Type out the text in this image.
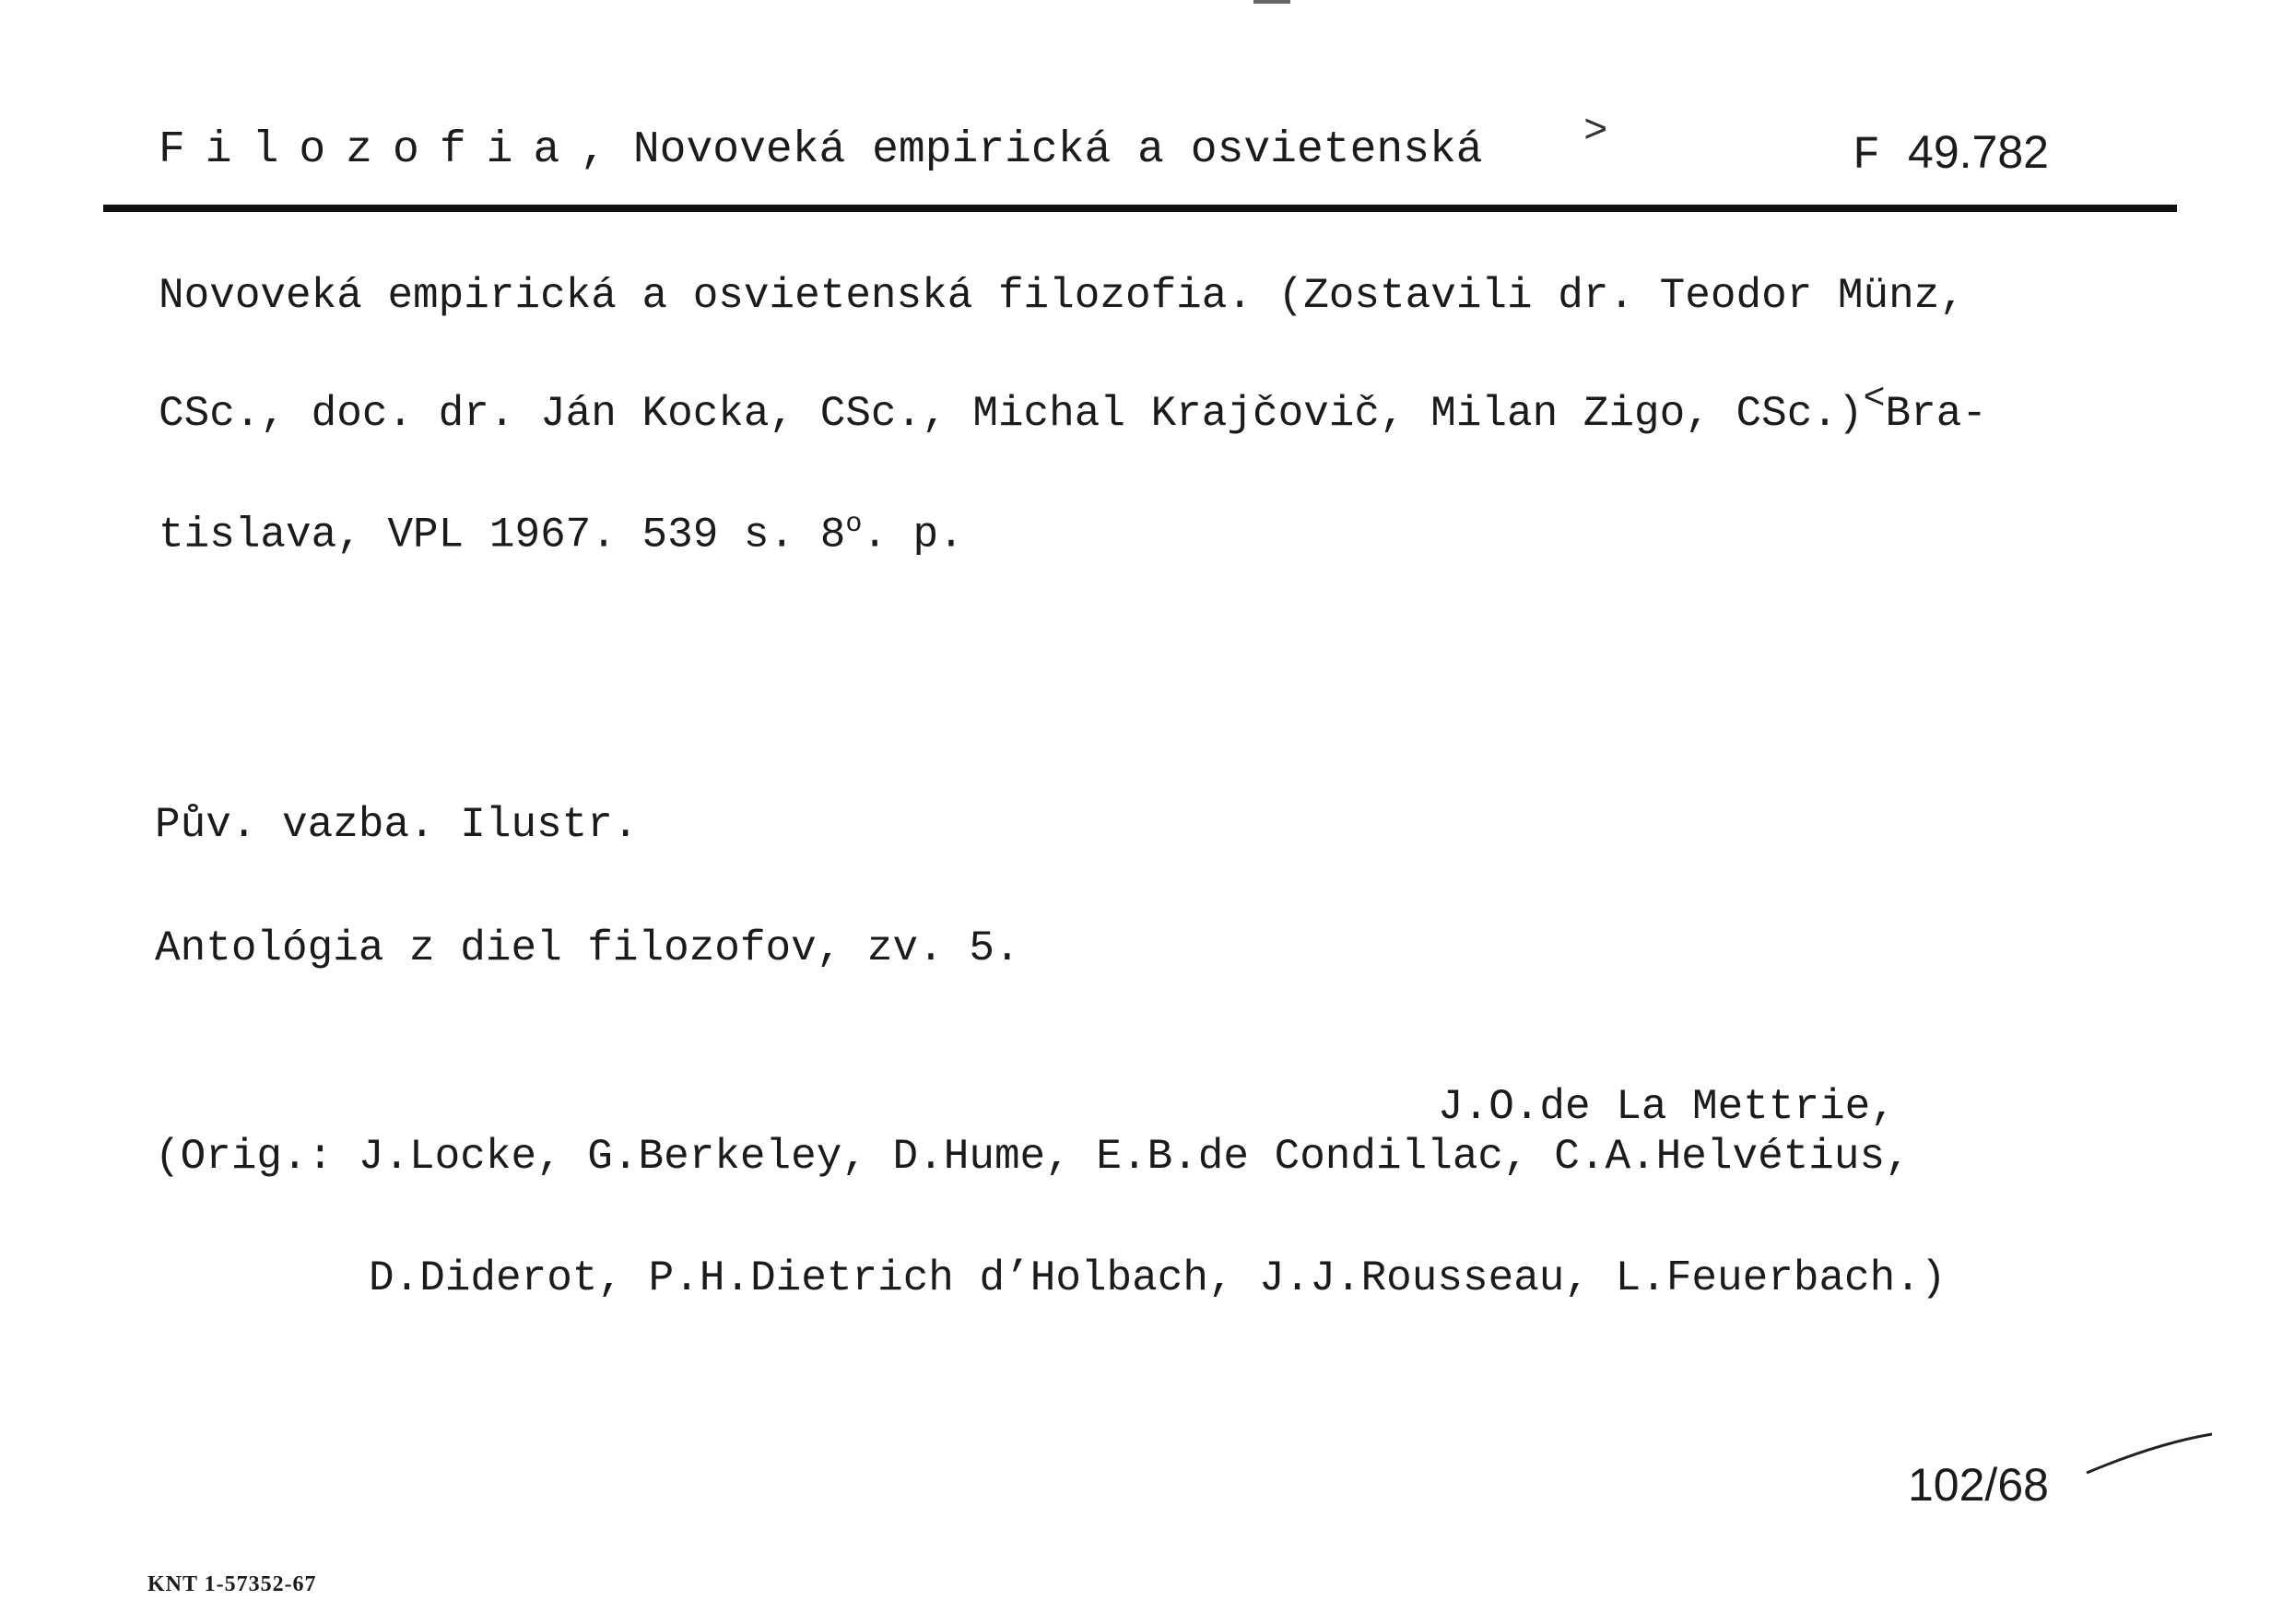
Filozofia, Novoveká empirická a osvietenská >	F 49.782
Novoveká empirická a osvietenská filozofia. (Zostavili dr. Teodor Münz,
CSc., doc. dr. Ján Kocka, CSc., Michal Krajčovič, Milan Zigo, CSc.)<Bra-
tislava, VPL 1967. 539 s. 8$^o$. p.
Pův. vazba. Ilustr.
Antológia z diel filozofov, zv. 5.
J.O.de La Mettrie,
(Orig.: J.Locke, G.Berkeley, D.Hume, E.B.de Condillac, C.A.Helvétius,
D.Diderot, P.H.Dietrich d’Holbach, J.J.Rousseau, L.Feuerbach.)
102/68
KNT 1-57352-67
